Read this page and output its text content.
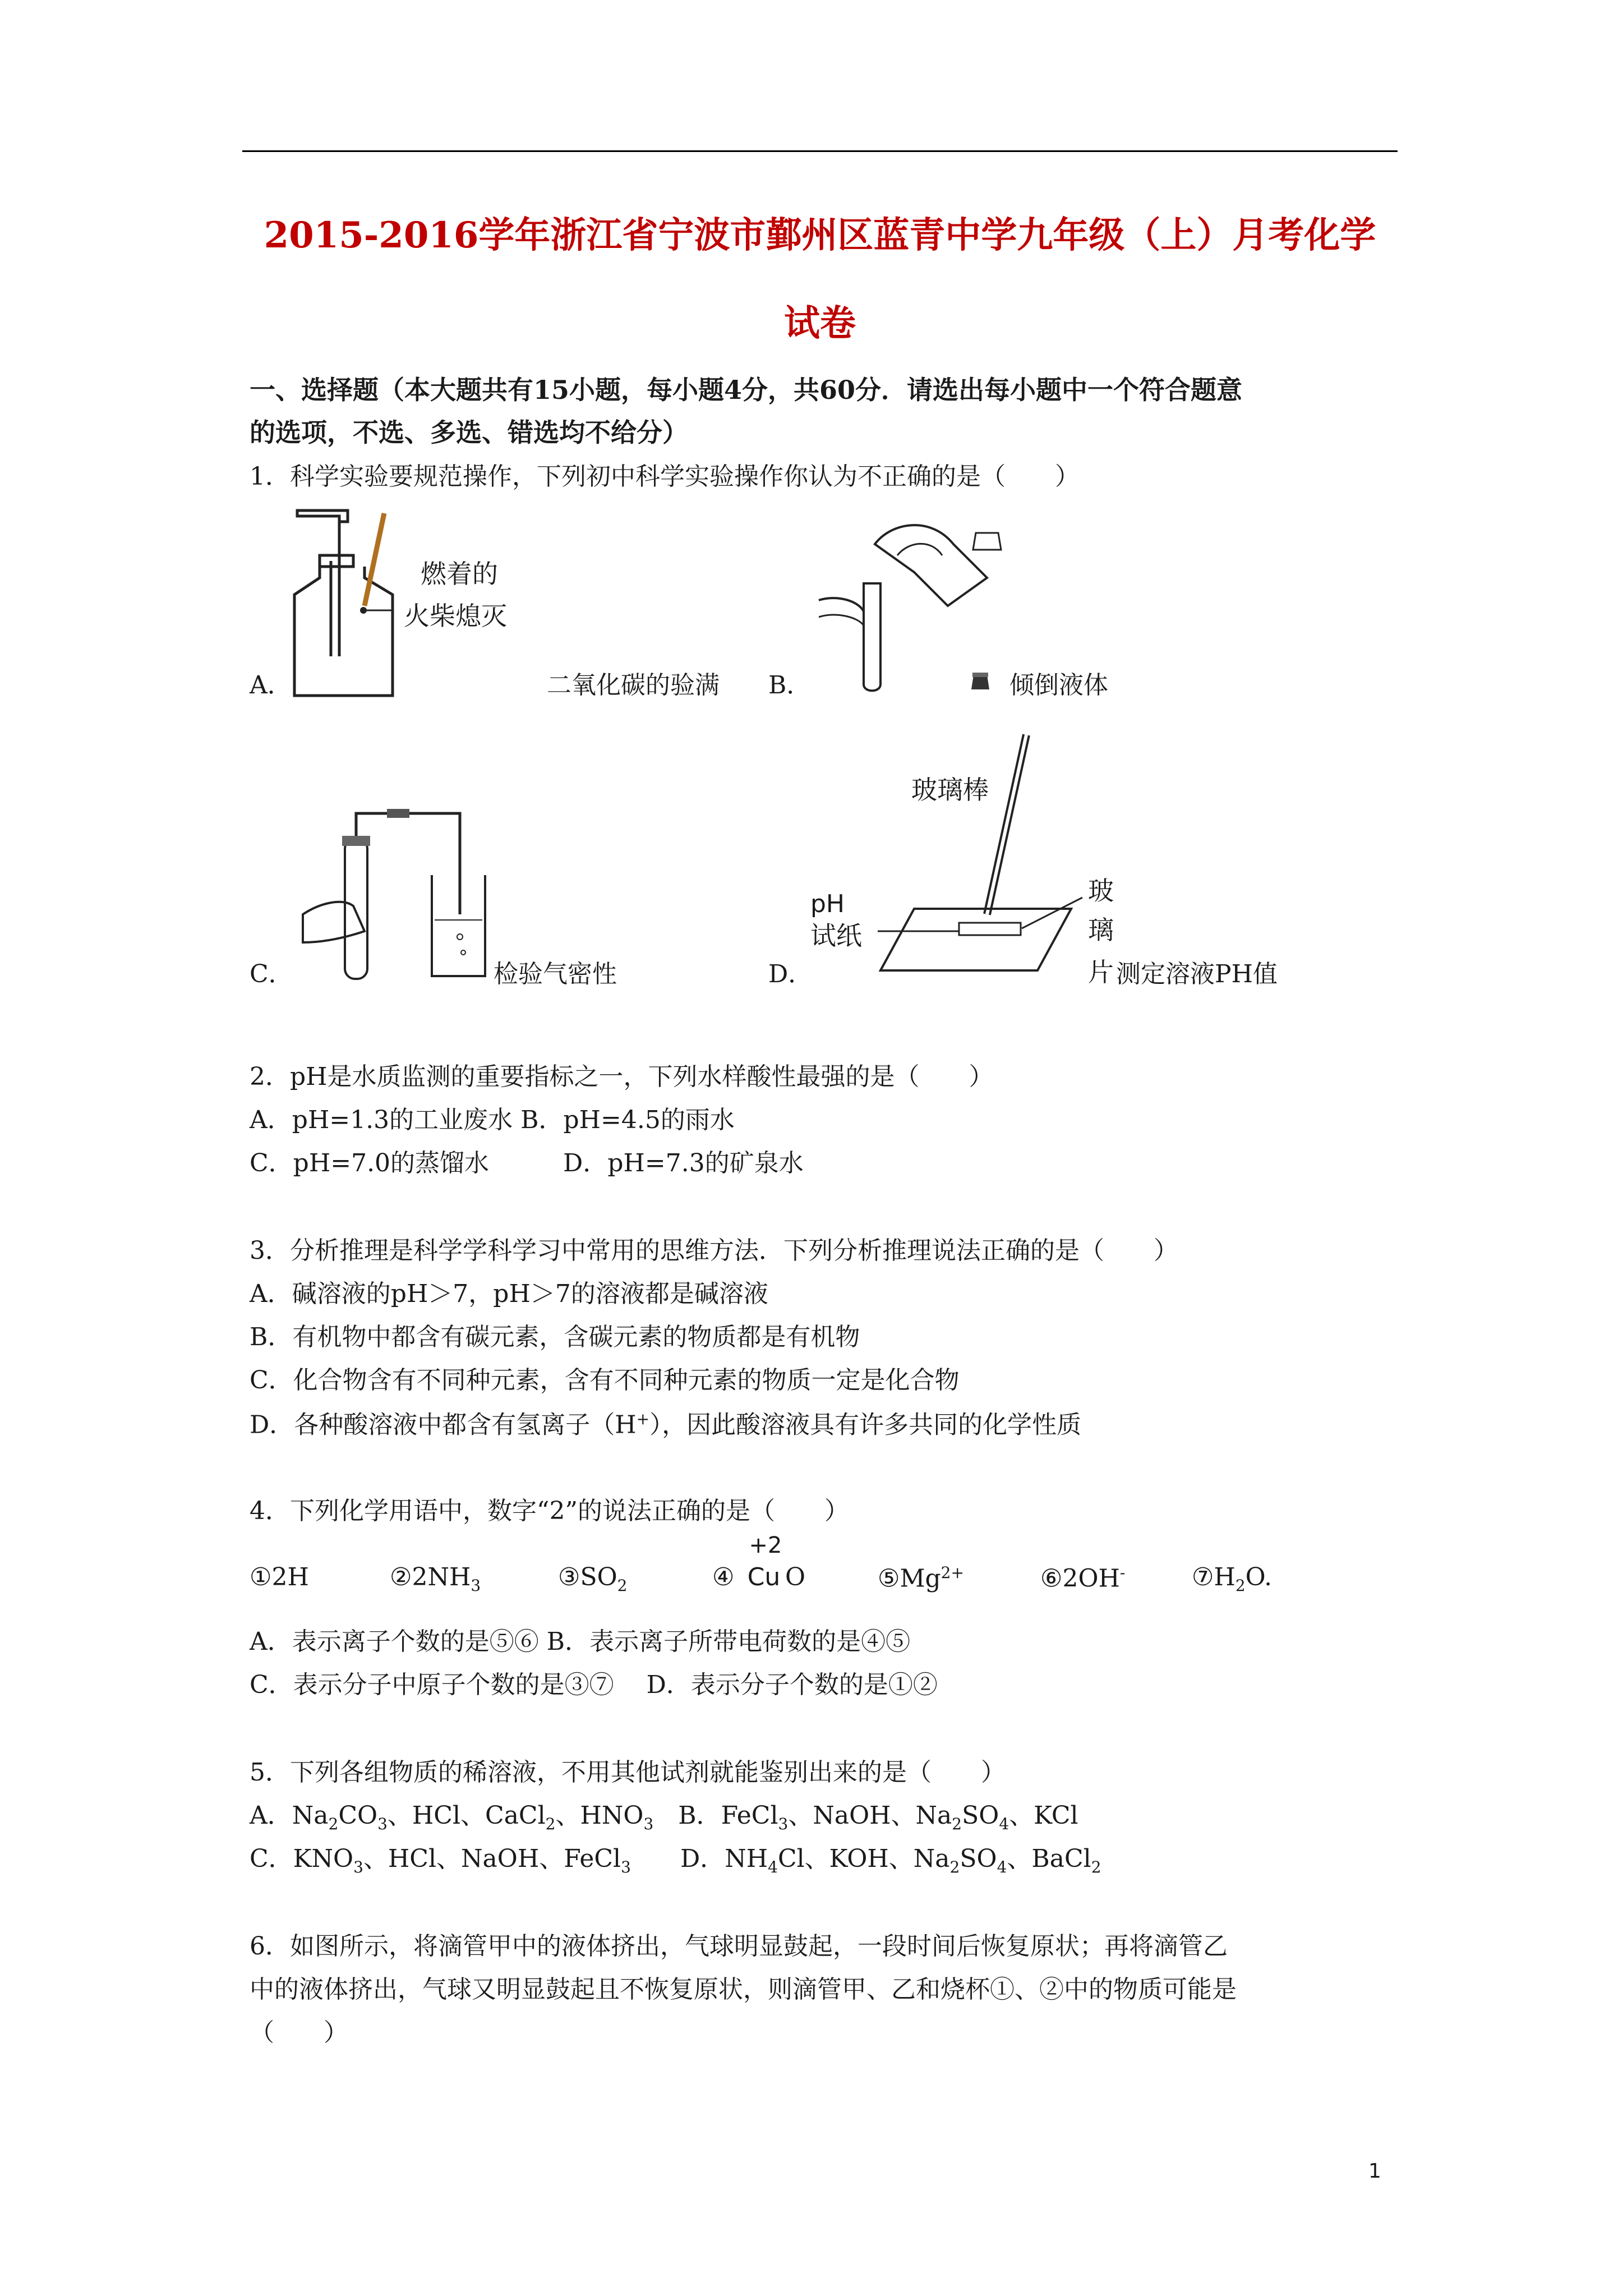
2015-2016学年浙江省宁波市鄞州区蓝青中学九年级（上）月考化学
试卷
一、选择题（本大题共有15小题，每小题4分，共60分．请选出每小题中一个符合题意
的选项，不选、多选、错选均不给分）
1．科学实验要规范操作，下列初中科学实验操作你认为不正确的是（　　）
燃着的
火柴熄灭
A．	二氧化碳的验满 B．	倾倒液体
C．	检验气密性
玻璃棒
pH
试纸
玻
璃
片
D．	测定溶液PH值
2．pH是水质监测的重要指标之一，下列水样酸性最强的是（　　）
A．pH=1.3的工业废水 B．pH=4.5的雨水
C．pH=7.0的蒸馏水　　　D．pH=7.3的矿泉水
3．分析推理是科学学科学习中常用的思维方法．下列分析推理说法正确的是（　　）
A．碱溶液的pH＞7，pH＞7的溶液都是碱溶液
B．有机物中都含有碳元素，含碳元素的物质都是有机物
C．化合物含有不同种元素，含有不同种元素的物质一定是化合物
D．各种酸溶液中都含有氢离子（H+），因此酸溶液具有许多共同的化学性质
4．下列化学用语中，数字“2”的说法正确的是（　　）
①2H	$②2NH_3$	$③SO_2$	④
+2
Cu O	$⑤Mg^{2+}$	⑥2OH-	$⑦H_2O$.
A．表示离子个数的是⑤⑥ B．表示离子所带电荷数的是④⑤
C．表示分子中原子个数的是③⑦　 D．表示分子个数的是①②
5．下列各组物质的稀溶液，不用其他试剂就能鉴别出来的是（　　）
A．$Na_2CO_3$、HCl、CaCl$_2$、$HNO_3$　B．FeCl$_3$、NaOH、$Na_2SO_4$、KCl
C．$KNO_3$、HCl、NaOH、FeCl$_3$　　D．$NH_4Cl$、KOH、$Na_2SO_4$、BaCl$_2$
6．如图所示，将滴管甲中的液体挤出，气球明显鼓起，一段时间后恢复原状；再将滴管乙
中的液体挤出，气球又明显鼓起且不恢复原状，则滴管甲、乙和烧杯①、②中的物质可能是
（　　）
1
